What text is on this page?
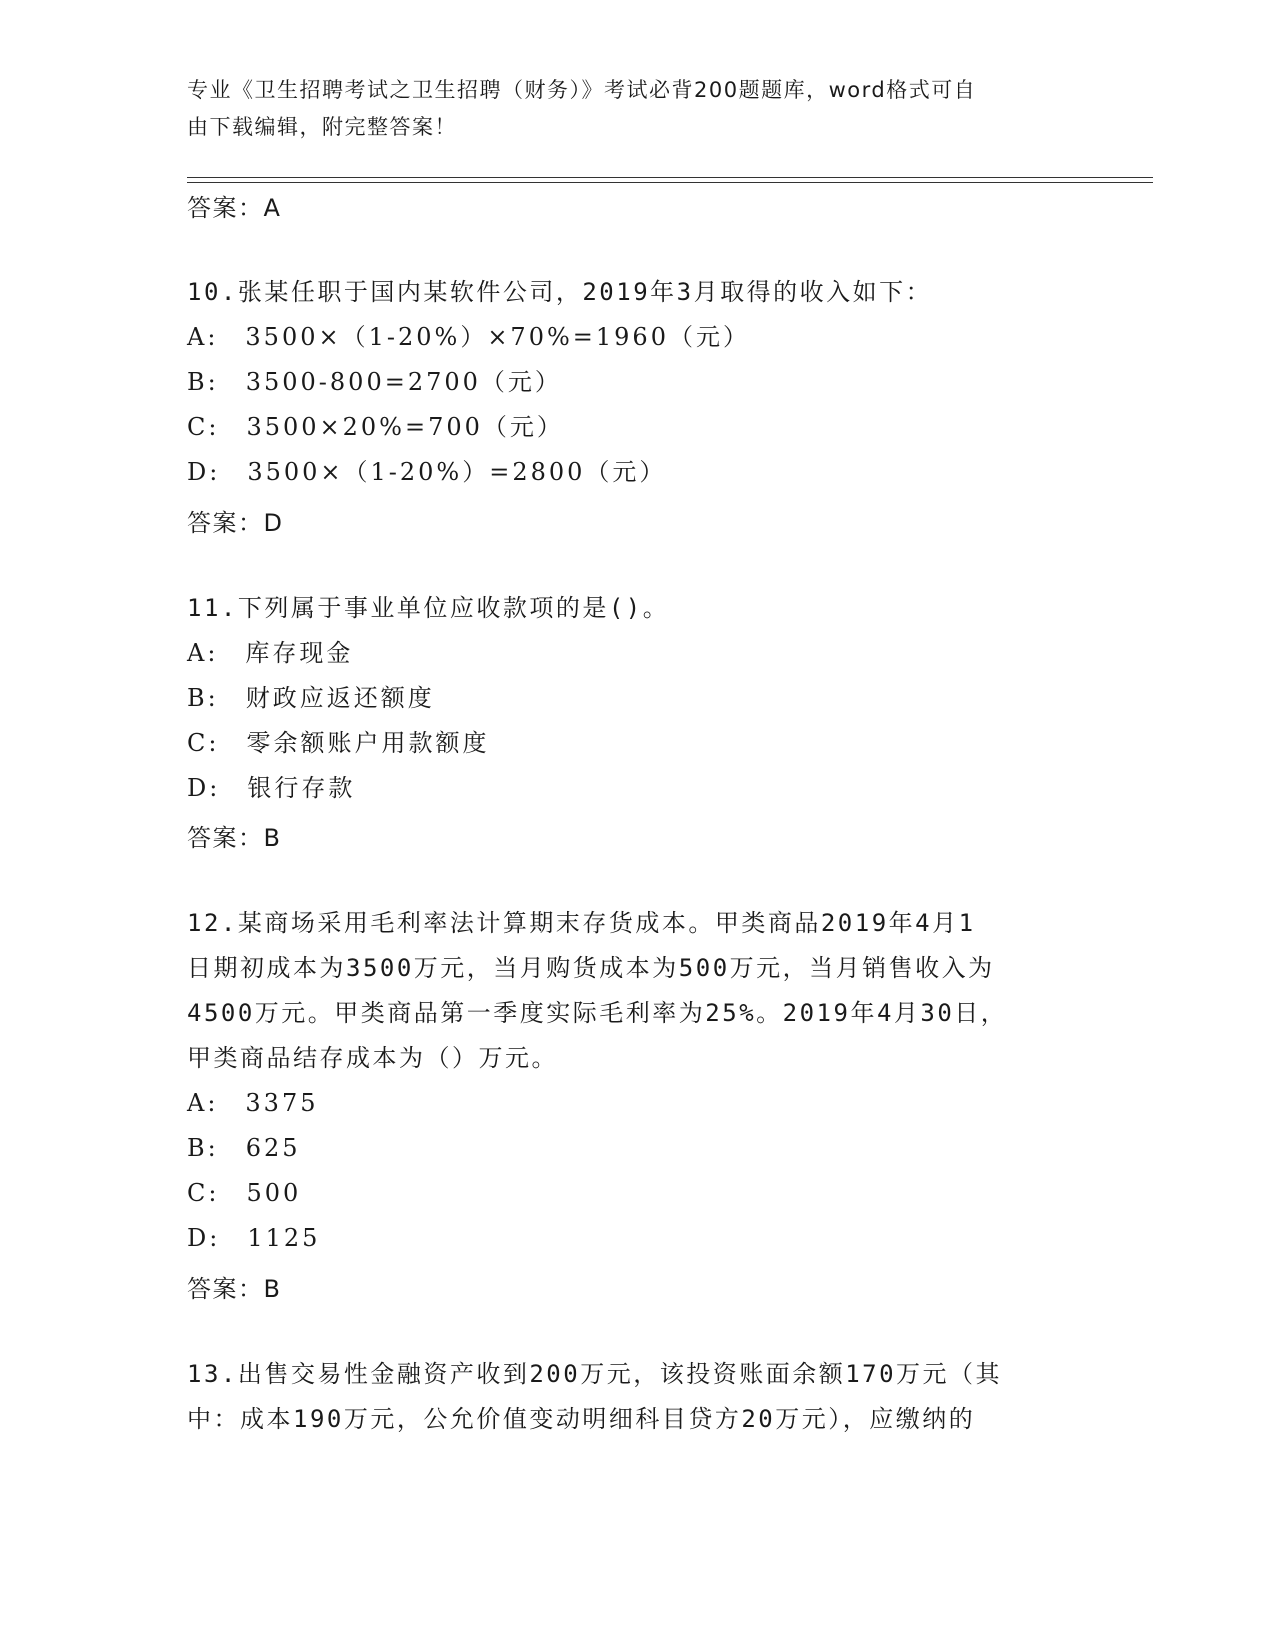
专业《卫生招聘考试之卫生招聘（财务）》考试必背200题题库，word格式可自
由下载编辑，附完整答案！
答案：A
10.张某任职于国内某软件公司，2019年3月取得的收入如下：
A:　3500×（1-20%）×70%=1960（元）
B:　3500-800=2700（元）
C:　3500×20%=700（元）
D:　3500×（1-20%）=2800（元）
答案：D
11.下列属于事业单位应收款项的是()。
A:　库存现金
B:　财政应返还额度
C:　零余额账户用款额度
D:　银行存款
答案：B
12.某商场采用毛利率法计算期末存货成本。甲类商品2019年4月1
日期初成本为3500万元，当月购货成本为500万元，当月销售收入为
4500万元。甲类商品第一季度实际毛利率为25%。2019年4月30日，
甲类商品结存成本为（）万元。
A:　3375
B:　625
C:　500
D:　1125
答案：B
13.出售交易性金融资产收到200万元，该投资账面余额170万元（其
中：成本190万元，公允价值变动明细科目贷方20万元），应缴纳的
